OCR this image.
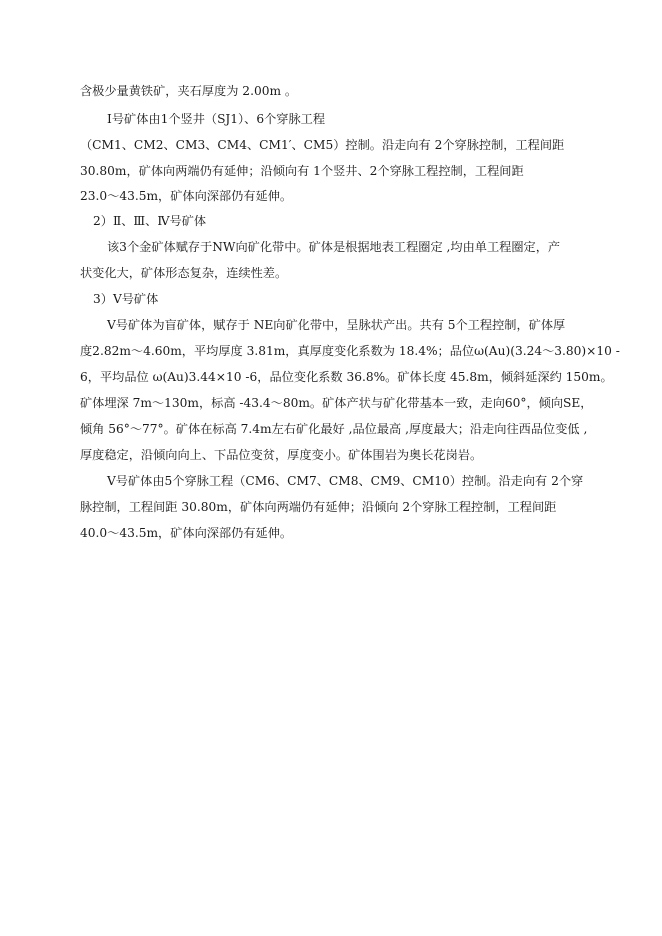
含极少量黄铁矿，夹石厚度为 2.00m 。
Ⅰ号矿体由1个竖井（SJ1）、6个穿脉工程
（CM1、CM2、CM3、CM4、CM1′、CM5）控制。沿走向有 2个穿脉控制，工程间距
30.80m，矿体向两端仍有延伸；沿倾向有 1个竖井、2个穿脉工程控制，工程间距
23.0～43.5m，矿体向深部仍有延伸。
2）Ⅱ、Ⅲ、Ⅳ号矿体
该3个金矿体赋存于NW向矿化带中。矿体是根据地表工程圈定 ,均由单工程圈定，产
状变化大，矿体形态复杂，连续性差。
3）Ⅴ号矿体
Ⅴ号矿体为盲矿体，赋存于 NE向矿化带中，呈脉状产出。共有 5个工程控制，矿体厚
度2.82m～4.60m，平均厚度 3.81m，真厚度变化系数为 18.4%；品位ω(Au)(3.24～3.80)×10 -
6，平均品位 ω(Au)3.44×10 -6，品位变化系数 36.8%。矿体长度 45.8m，倾斜延深约 150m。
矿体埋深 7m～130m，标高 -43.4～80m。矿体产状与矿化带基本一致，走向60°，倾向SE，
倾角 56°～77°。矿体在标高 7.4m左右矿化最好 ,品位最高 ,厚度最大；沿走向往西品位变低 ,
厚度稳定，沿倾向向上、下品位变贫，厚度变小。矿体围岩为奥长花岗岩。
Ⅴ号矿体由5个穿脉工程（CM6、CM7、CM8、CM9、CM10）控制。沿走向有 2个穿
脉控制，工程间距 30.80m，矿体向两端仍有延伸；沿倾向 2个穿脉工程控制，工程间距
40.0～43.5m，矿体向深部仍有延伸。
